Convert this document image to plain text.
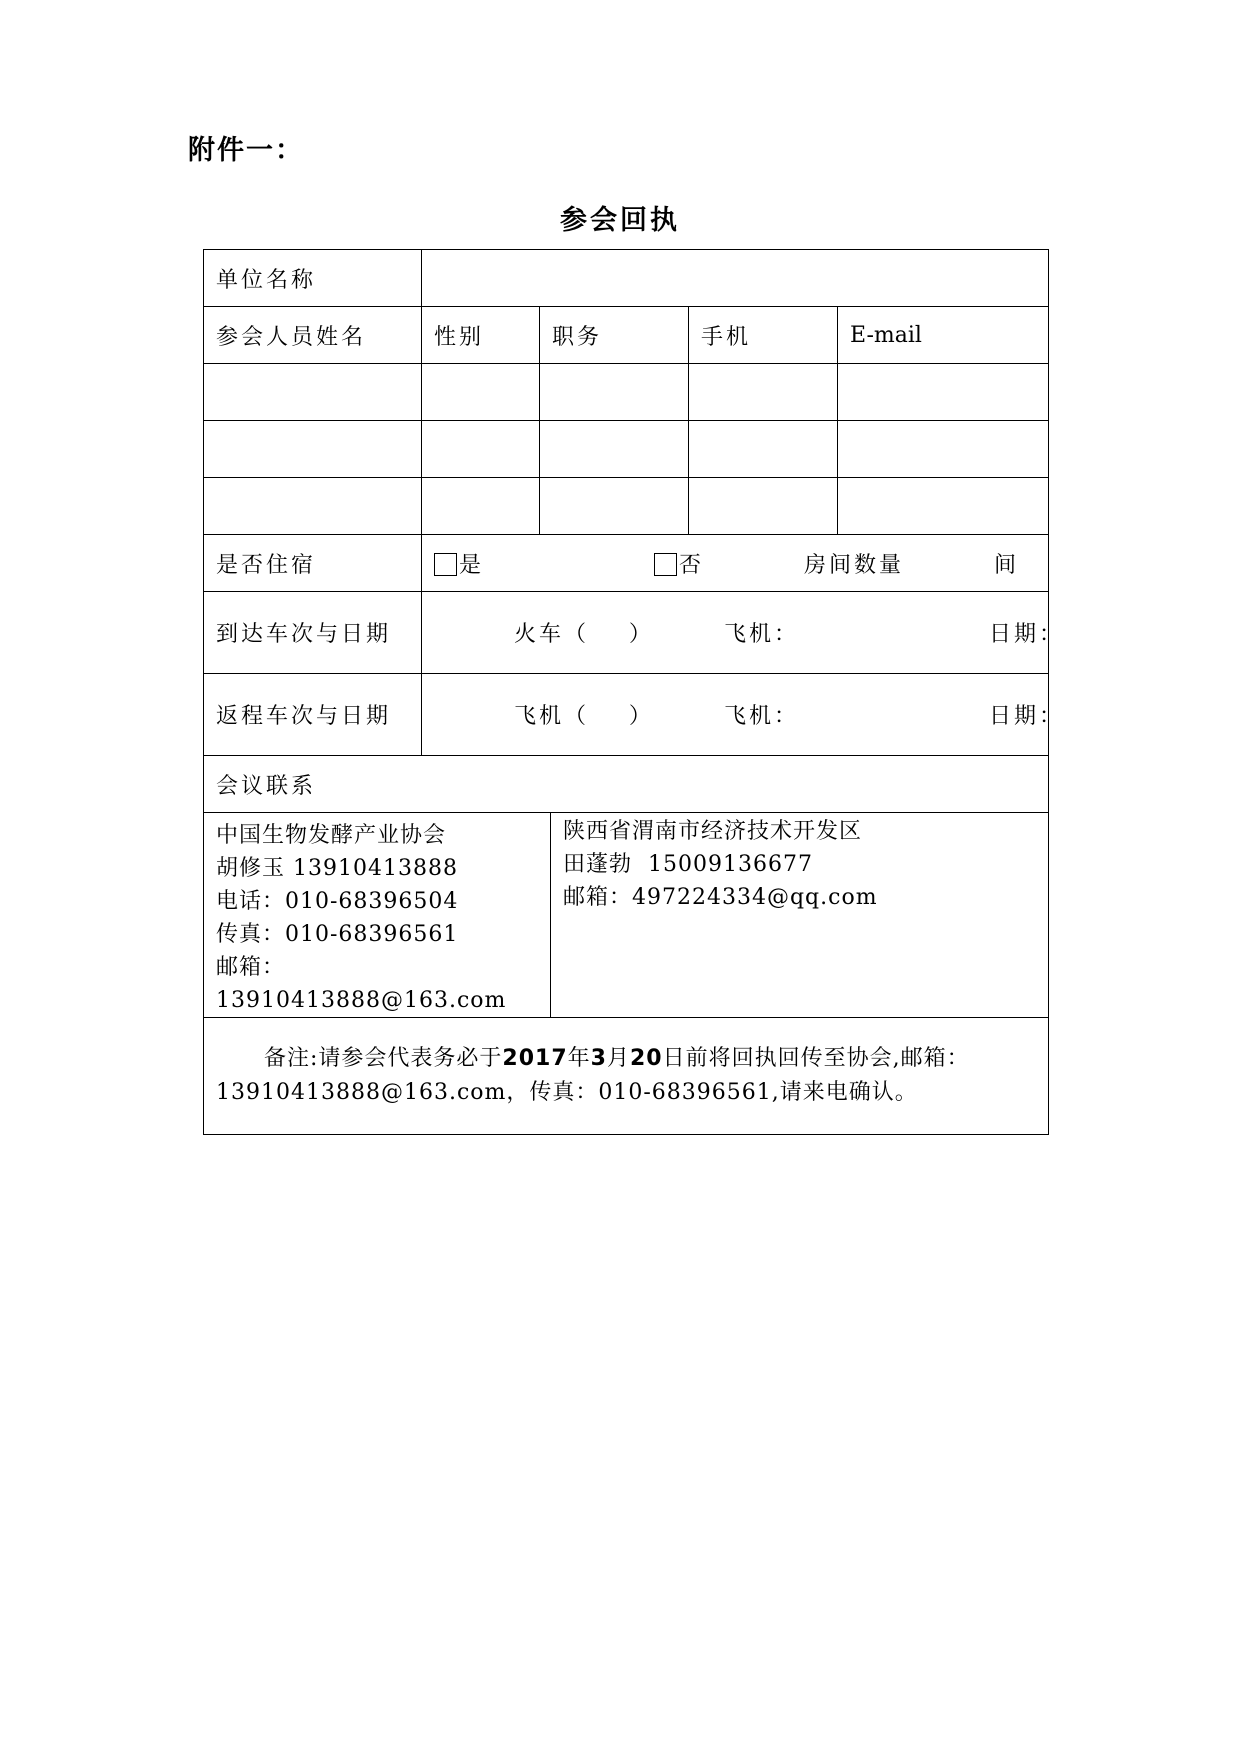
附件一：
参会回执
单位名称				
参会人员姓名	性别	职务	手机	E-mail

是否住宿	是 否 房间数量 间			
到达车次与日期	火车（    ） 飞机： 日期：			

返程车次与日期	飞机（    ） 飞机： 日期：			

会议联系				
中国生物发酵产业协会
胡修玉 13910413888
电话：010-68396504
传真：010-68396561
邮箱：13910413888@163.com

陕西省渭南市经济技术开发区
田蓬勃  15009136677
邮箱：497224334@qq.com

备注:请参会代表务必于2017年3月20日前将回执回传至协会,邮箱：13910413888@163.com，传真：010-68396561,请来电确认。
